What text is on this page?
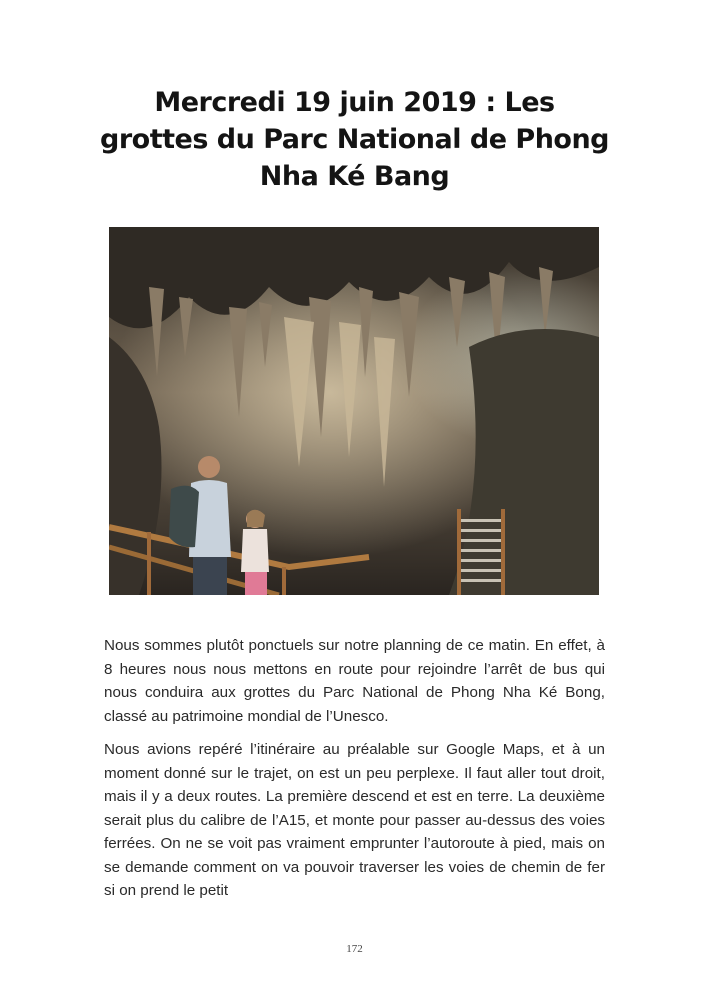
Mercredi 19 juin 2019 : Les grottes du Parc National de Phong Nha Ké Bang

Nous sommes plutôt ponctuels sur notre planning de ce matin. En effet, à 8 heures nous nous mettons en route pour rejoindre l’arrêt de bus qui nous conduira aux grottes du Parc National de Phong Nha Ké Bong, classé au patrimoine mondial de l’Unesco.

Nous avions repéré l’itinéraire au préalable sur Google Maps, et à un moment donné sur le trajet, on est un peu perplexe. Il faut aller tout droit, mais il y a deux routes. La première descend et est en terre. La deuxième serait plus du calibre de l’A15, et monte pour passer au-dessus des voies ferrées. On ne se voit pas vraiment emprunter l’autoroute à pied, mais on se demande comment on va pouvoir traverser les voies de chemin de fer si on prend le petit

172
